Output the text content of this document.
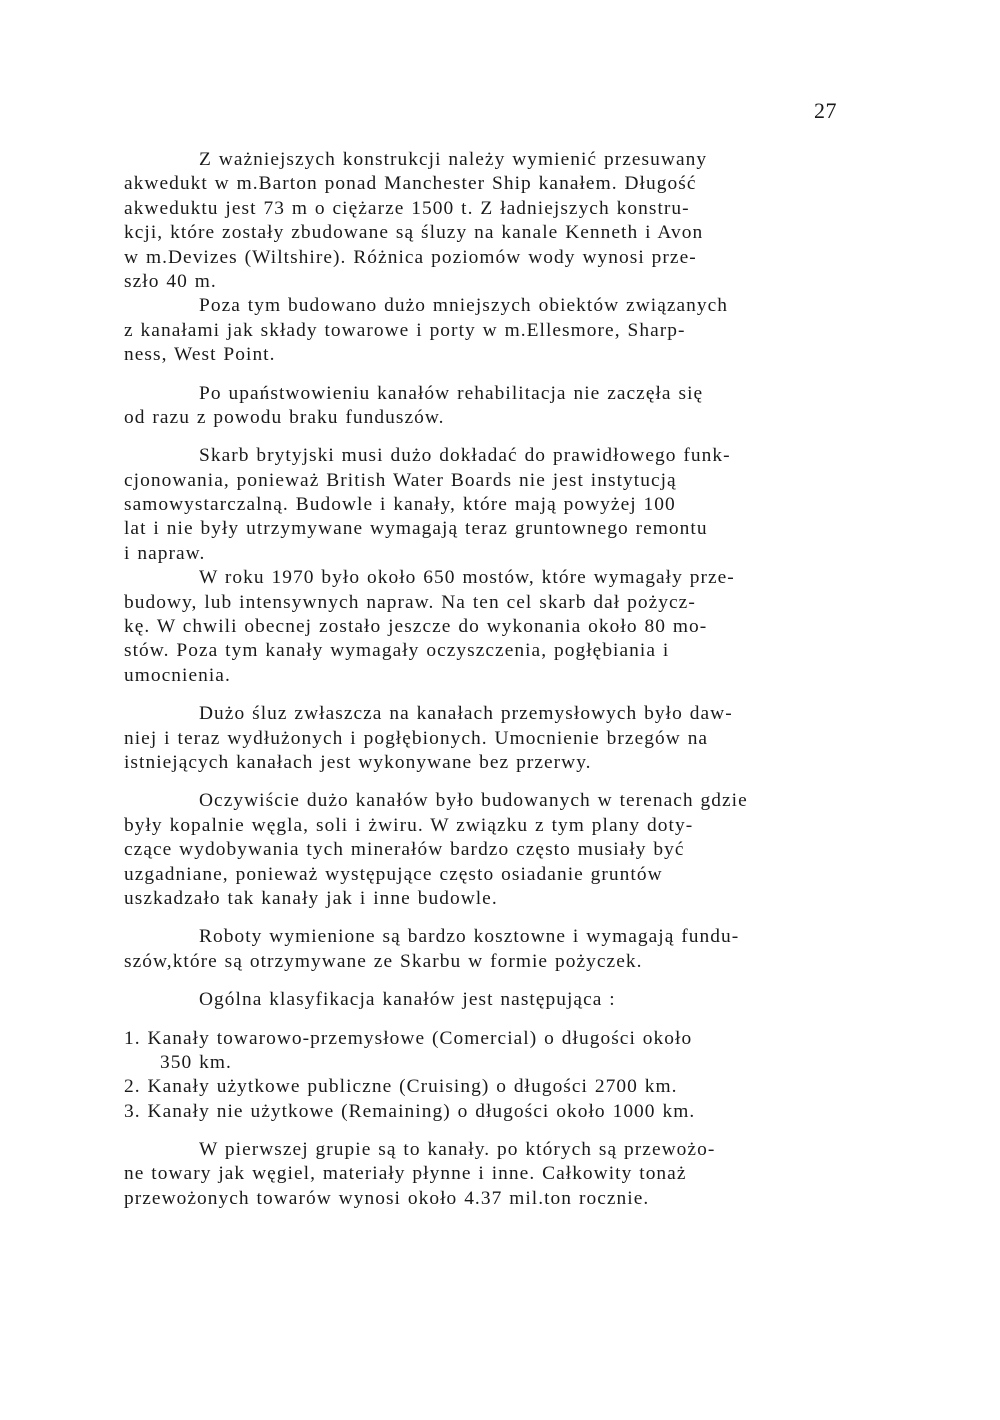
27
Z ważniejszych konstrukcji należy wymienić przesuwany
akwedukt w m.Barton ponad Manchester Ship kanałem. Długość
akweduktu jest 73 m o ciężarze 1500 t. Z ładniejszych konstru-
kcji, które zostały zbudowane są śluzy na kanale Kenneth i Avon
w m.Devizes (Wiltshire). Różnica poziomów wody wynosi prze-
szło 40 m.
Poza tym budowano dużo mniejszych obiektów związanych
z kanałami jak składy towarowe i porty w m.Ellesmore, Sharp-
ness, West Point.
Po upaństwowieniu kanałów rehabilitacja nie zaczęła się
od razu z powodu braku funduszów.
Skarb brytyjski musi dużo dokładać do prawidłowego funk-
cjonowania, ponieważ British Water Boards nie jest instytucją
samowystarczalną. Budowle i kanały, które mają powyżej 100
lat i nie były utrzymywane wymagają teraz gruntownego remontu
i napraw.
W roku 1970 było około 650 mostów, które wymagały prze-
budowy, lub intensywnych napraw. Na ten cel skarb dał pożycz-
kę. W chwili obecnej zostało jeszcze do wykonania około 80 mo-
stów. Poza tym kanały wymagały oczyszczenia, pogłębiania i
umocnienia.
Dużo śluz zwłaszcza na kanałach przemysłowych było daw-
niej i teraz wydłużonych i pogłębionych. Umocnienie brzegów na
istniejących kanałach jest wykonywane bez przerwy.
Oczywiście dużo kanałów było budowanych w terenach gdzie
były kopalnie węgla, soli i żwiru. W związku z tym plany doty-
czące wydobywania tych minerałów bardzo często musiały być
uzgadniane, ponieważ występujące często osiadanie gruntów
uszkadzało tak kanały jak i inne budowle.
Roboty wymienione są bardzo kosztowne i wymagają fundu-
szów,które są otrzymywane ze Skarbu w formie pożyczek.
Ogólna klasyfikacja kanałów jest następująca :
1. Kanały towarowo-przemysłowe (Comercial) o długości około
350 km.
2. Kanały użytkowe publiczne (Cruising) o długości 2700 km.
3. Kanały nie użytkowe (Remaining) o długości około 1000 km.
W pierwszej grupie są to kanały. po których są przewożo-
ne towary jak węgiel, materiały płynne i inne. Całkowity tonaż
przewożonych towarów wynosi około 4.37 mil.ton rocznie.
